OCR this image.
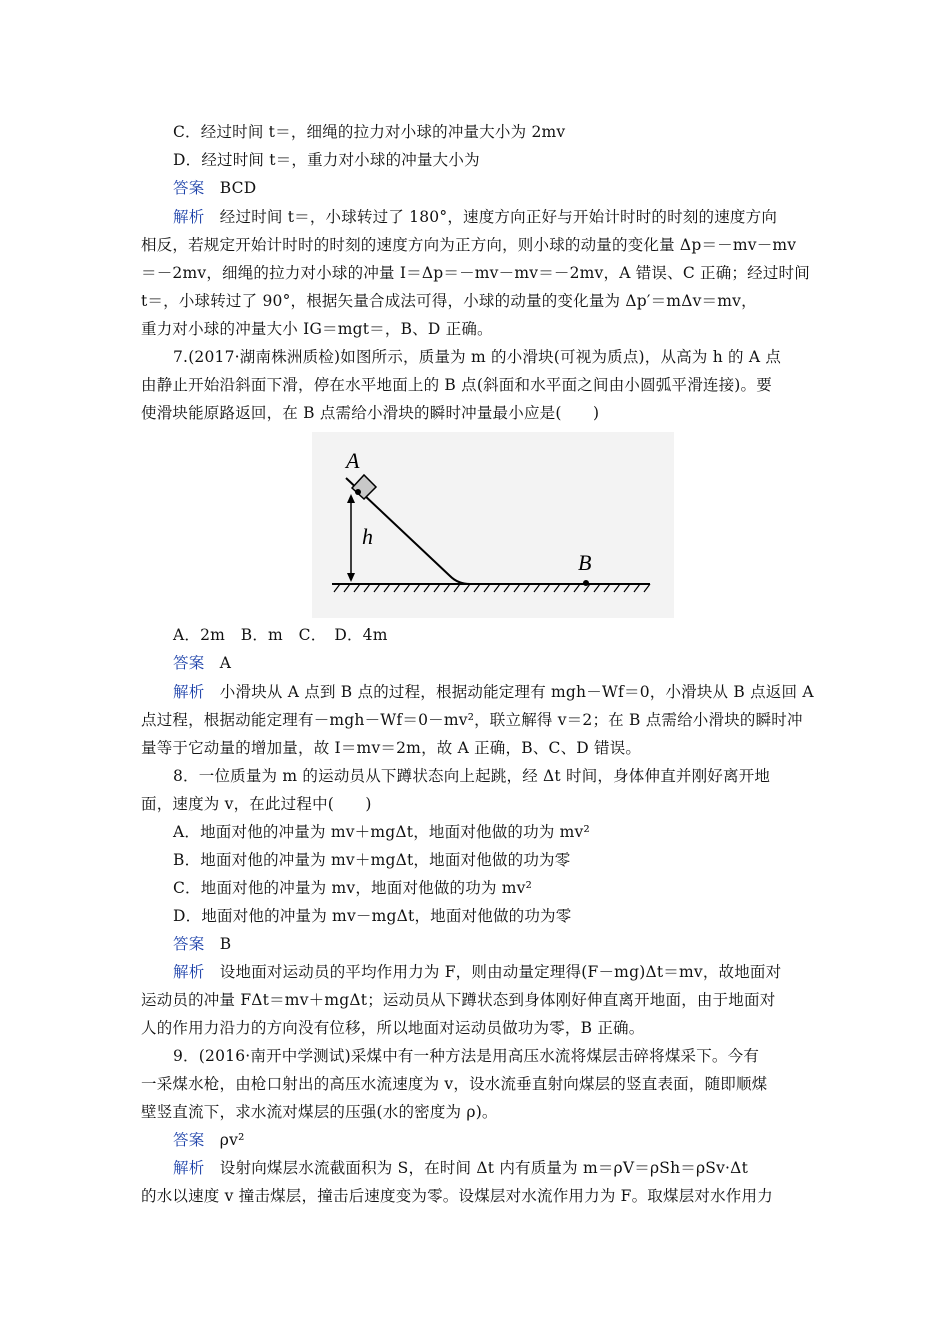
C．经过时间 t＝，细绳的拉力对小球的冲量大小为 2mv
D．经过时间 t＝，重力对小球的冲量大小为
答案 BCD
解析 经过时间 t＝，小球转过了 180°，速度方向正好与开始计时时的时刻的速度方向
相反，若规定开始计时时的时刻的速度方向为正方向，则小球的动量的变化量 Δp＝－mv－mv
＝－2mv，细绳的拉力对小球的冲量 I＝Δp＝－mv－mv＝－2mv，A 错误、C 正确；经过时间
t＝，小球转过了 90°，根据矢量合成法可得，小球的动量的变化量为 Δp′＝mΔv＝mv，
重力对小球的冲量大小 IG＝mgt＝，B、D 正确。
7.(2017·湖南株洲质检)如图所示，质量为 m 的小滑块(可视为质点)，从高为 h 的 A 点
由静止开始沿斜面下滑，停在水平地面上的 B 点(斜面和水平面之间由小圆弧平滑连接)。要
使滑块能原路返回，在 B 点需给小滑块的瞬时冲量最小应是(　　)
A
h
B
A．2m　B．m　C．　D．4m
答案 A
解析 小滑块从 A 点到 B 点的过程，根据动能定理有 mgh－Wf＝0，小滑块从 B 点返回 A
点过程，根据动能定理有－mgh－Wf＝0－mv²，联立解得 v＝2；在 B 点需给小滑块的瞬时冲
量等于它动量的增加量，故 I＝mv＝2m，故 A 正确，B、C、D 错误。
8．一位质量为 m 的运动员从下蹲状态向上起跳，经 Δt 时间，身体伸直并刚好离开地
面，速度为 v，在此过程中(　　)
A．地面对他的冲量为 mv＋mgΔt，地面对他做的功为 mv²
B．地面对他的冲量为 mv＋mgΔt，地面对他做的功为零
C．地面对他的冲量为 mv，地面对他做的功为 mv²
D．地面对他的冲量为 mv－mgΔt，地面对他做的功为零
答案 B
解析 设地面对运动员的平均作用力为 F，则由动量定理得(F－mg)Δt＝mv，故地面对
运动员的冲量 FΔt＝mv＋mgΔt；运动员从下蹲状态到身体刚好伸直离开地面，由于地面对
人的作用力沿力的方向没有位移，所以地面对运动员做功为零，B 正确。
9．(2016·南开中学测试)采煤中有一种方法是用高压水流将煤层击碎将煤采下。今有
一采煤水枪，由枪口射出的高压水流速度为 v，设水流垂直射向煤层的竖直表面，随即顺煤
壁竖直流下，求水流对煤层的压强(水的密度为 ρ)。
答案 ρv²
解析 设射向煤层水流截面积为 S，在时间 Δt 内有质量为 m＝ρV＝ρSh＝ρSv·Δt
的水以速度 v 撞击煤层，撞击后速度变为零。设煤层对水流作用力为 F。取煤层对水作用力
